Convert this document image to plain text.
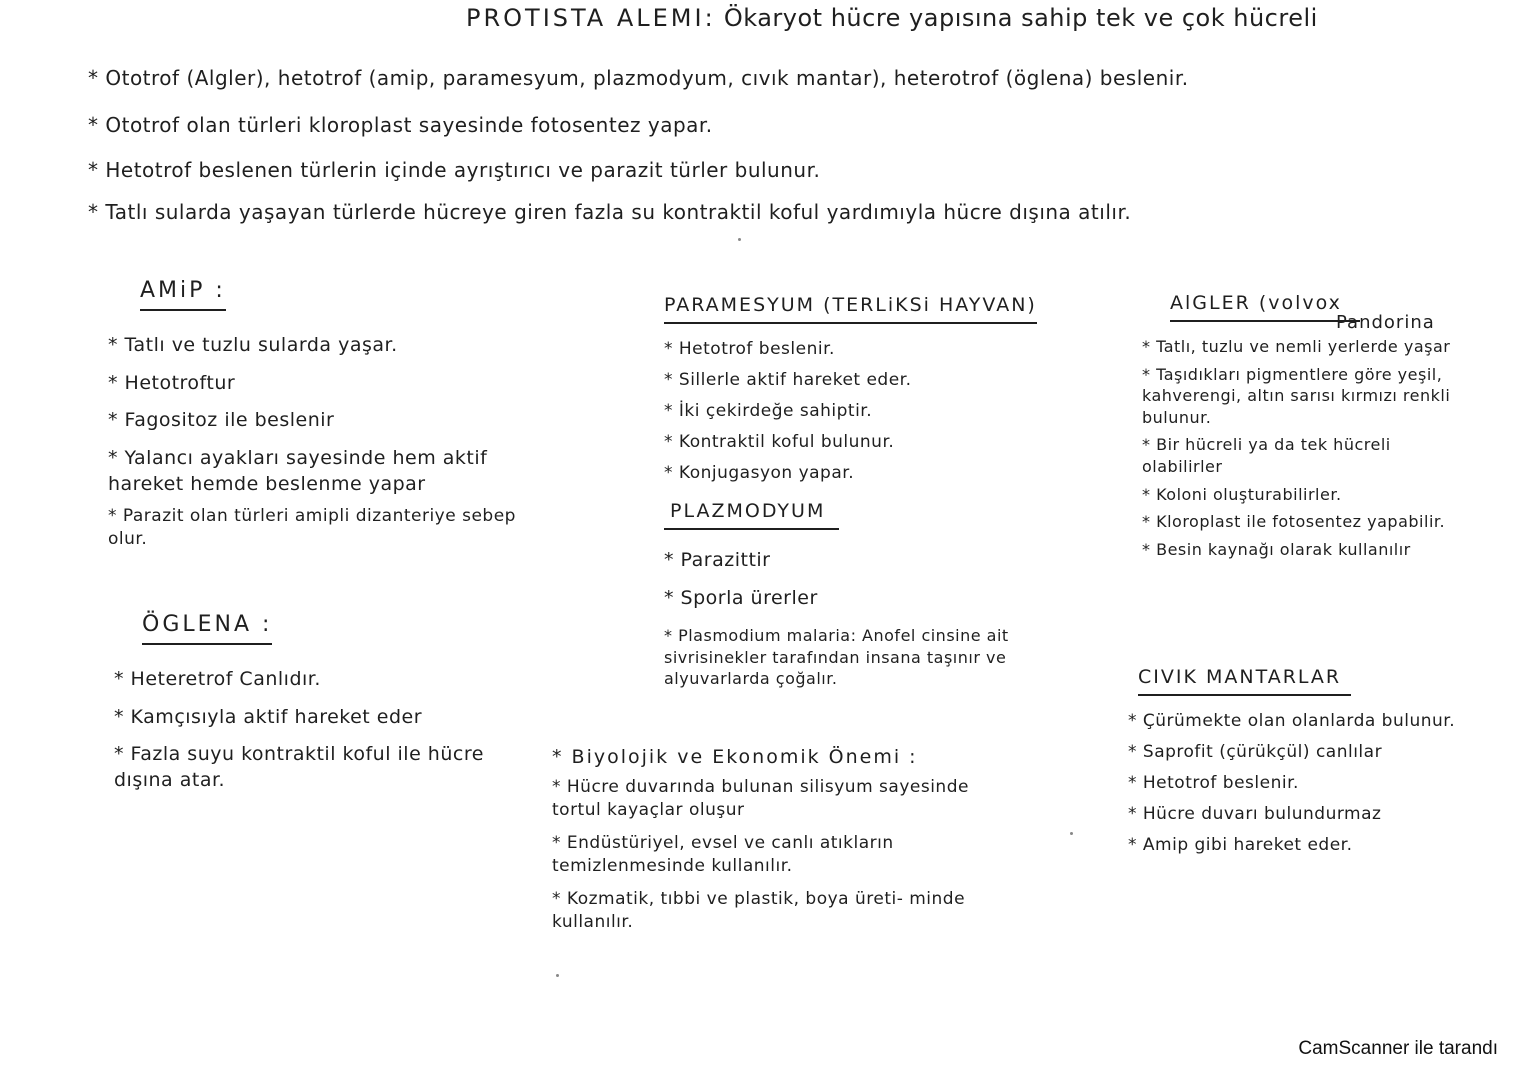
PROTISTA ALEMI: Ökaryot hücre yapısına sahip tek ve çok hücreli
* Ototrof (Algler), hetotrof (amip, paramesyum, plazmodyum, cıvık mantar), heterotrof (öglena) beslenir.
* Ototrof olan türleri kloroplast sayesinde fotosentez yapar.
* Hetotrof beslenen türlerin içinde ayrıştırıcı ve parazit türler bulunur.
* Tatlı sularda yaşayan türlerde hücreye giren fazla su kontraktil koful yardımıyla hücre dışına atılır.
AMiP :
* Tatlı ve tuzlu sularda yaşar.
* Hetotroftur
* Fagositoz ile beslenir
* Yalancı ayakları sayesinde hem aktif hareket hemde beslenme yapar
* Parazit olan türleri amipli dizanteriye sebep olur.
ÖGLENA :
* Heteretrof Canlıdır.
* Kamçısıyla aktif hareket eder
* Fazla suyu kontraktil koful ile hücre dışına atar.
PARAMESYUM (TERLiKSi HAYVAN)
* Hetotrof beslenir.
* Sillerle aktif hareket eder.
* İki çekirdeğe sahiptir.
* Kontraktil koful bulunur.
* Konjugasyon yapar.
PLAZMODYUM
* Parazittir
* Sporla ürerler
* Plasmodium malaria: Anofel cinsine ait sivrisinekler tarafından insana taşınır ve alyuvarlarda çoğalır.
* Biyolojik ve Ekonomik Önemi :
* Hücre duvarında bulunan silisyum sayesinde tortul kayaçlar oluşur
* Endüstüriyel, evsel ve canlı atıkların temizlenmesinde kullanılır.
* Kozmatik, tıbbi ve plastik, boya üreti- minde kullanılır.
AlGLER (volvox
* Tatlı, tuzlu ve nemli yerlerde yaşar
* Taşıdıkları pigmentlere göre yeşil, kahverengi, altın sarısı kırmızı renkli bulunur.
* Bir hücreli ya da tek hücreli olabilirler
* Koloni oluşturabilirler.
* Kloroplast ile fotosentez yapabilir.
* Besin kaynağı olarak kullanılır
Pandorina
CIVIK MANTARLAR
* Çürümekte olan olanlarda bulunur.
* Saprofit (çürükçül) canlılar
* Hetotrof beslenir.
* Hücre duvarı bulundurmaz
* Amip gibi hareket eder.
CamScanner ile tarandı
